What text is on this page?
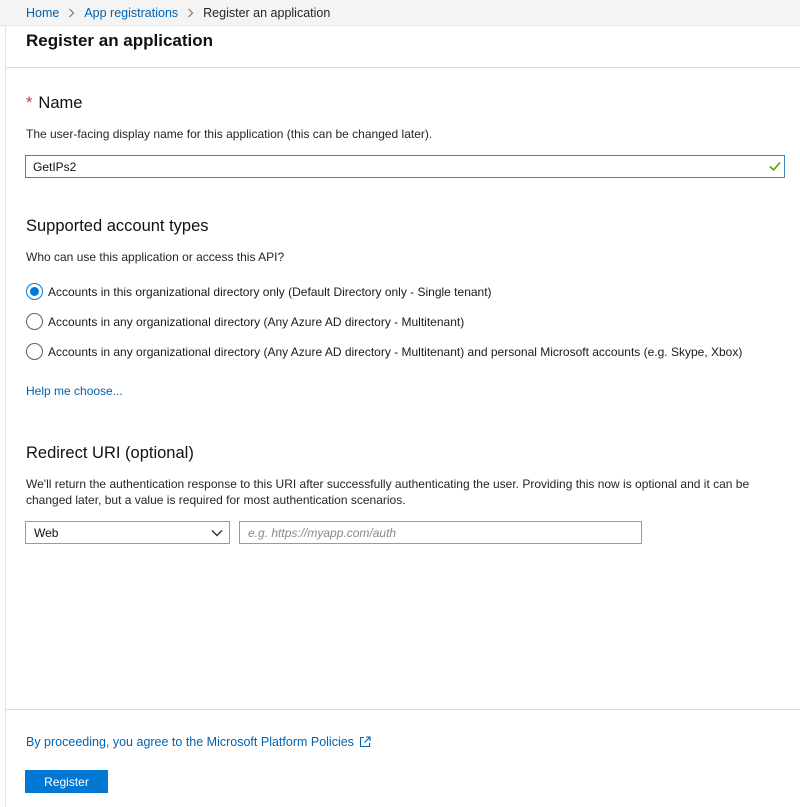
Home App registrations Register an application
Register an application
* Name

The user-facing display name for this application (this can be changed later).

GetIPs2
Supported account types

Who can use this application or access this API?

Accounts in this organizational directory only (Default Directory only - Single tenant)
Accounts in any organizational directory (Any Azure AD directory - Multitenant)
Accounts in any organizational directory (Any Azure AD directory - Multitenant) and personal Microsoft accounts (e.g. Skype, Xbox)
Help me choose...
Redirect URI (optional)

We'll return the authentication response to this URI after successfully authenticating the user. Providing this now is optional and it can be

changed later, but a value is required for most authentication scenarios.

Web
e.g. https://myapp.com/auth
By proceeding, you agree to the Microsoft Platform Policies
Register
